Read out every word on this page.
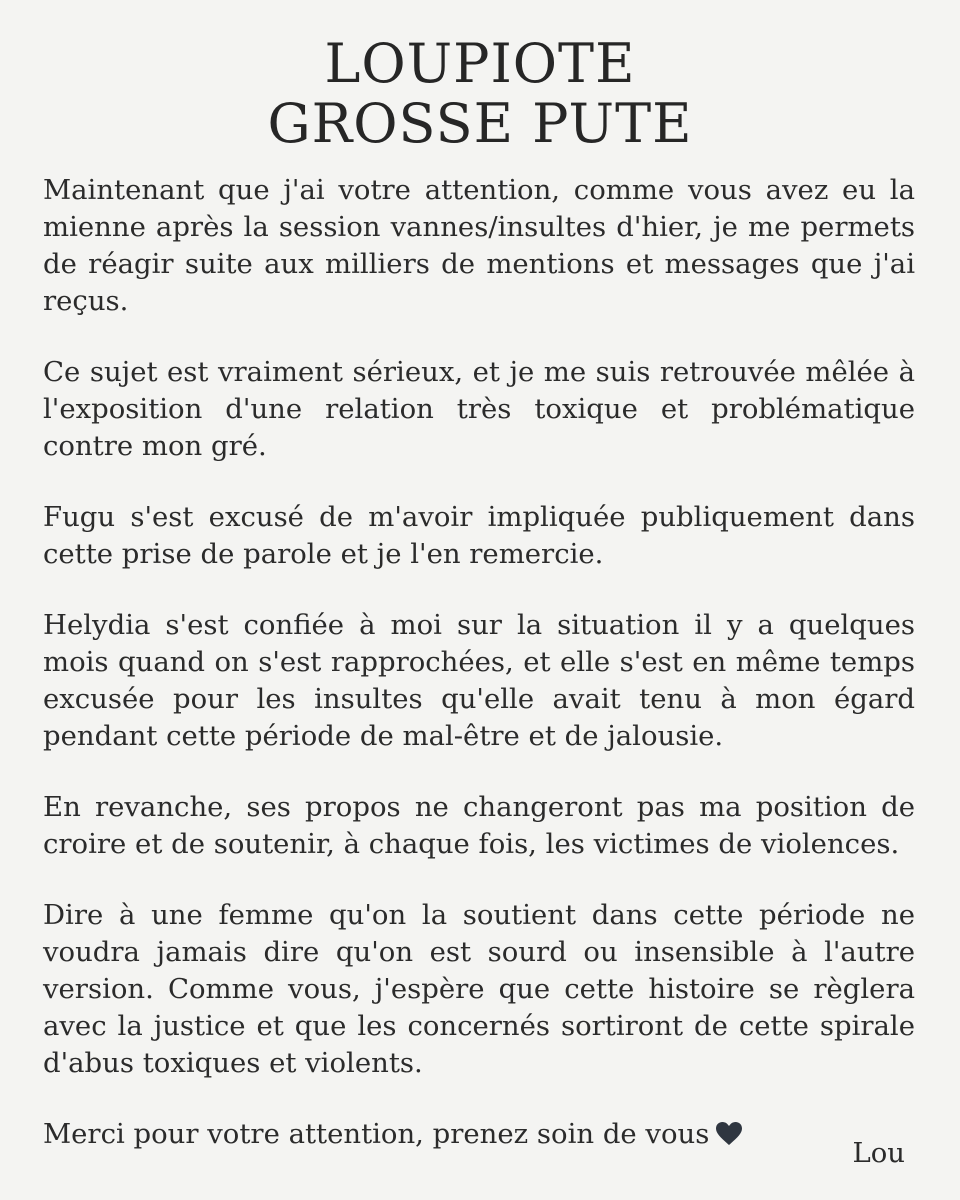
LOUPIOTE
GROSSE PUTE

Maintenant que j'ai votre attention, comme vous avez eu la mienne après la session vannes/insultes d'hier, je me permets de réagir suite aux milliers de mentions et messages que j'ai reçus.

Ce sujet est vraiment sérieux, et je me suis retrouvée mêlée à l'exposition d'une relation très toxique et problématique contre mon gré.

Fugu s'est excusé de m'avoir impliquée publiquement dans cette prise de parole et je l'en remercie.

Helydia s'est confiée à moi sur la situation il y a quelques mois quand on s'est rapprochées, et elle s'est en même temps excusée pour les insultes qu'elle avait tenu à mon égard pendant cette période de mal-être et de jalousie.

En revanche, ses propos ne changeront pas ma position de croire et de soutenir, à chaque fois, les victimes de violences.

Dire à une femme qu'on la soutient dans cette période ne voudra jamais dire qu'on est sourd ou insensible à l'autre version. Comme vous, j'espère que cette histoire se règlera avec la justice et que les concernés sortiront de cette spirale d'abus toxiques et violents.

Merci pour votre attention, prenez soin de vous

Lou
